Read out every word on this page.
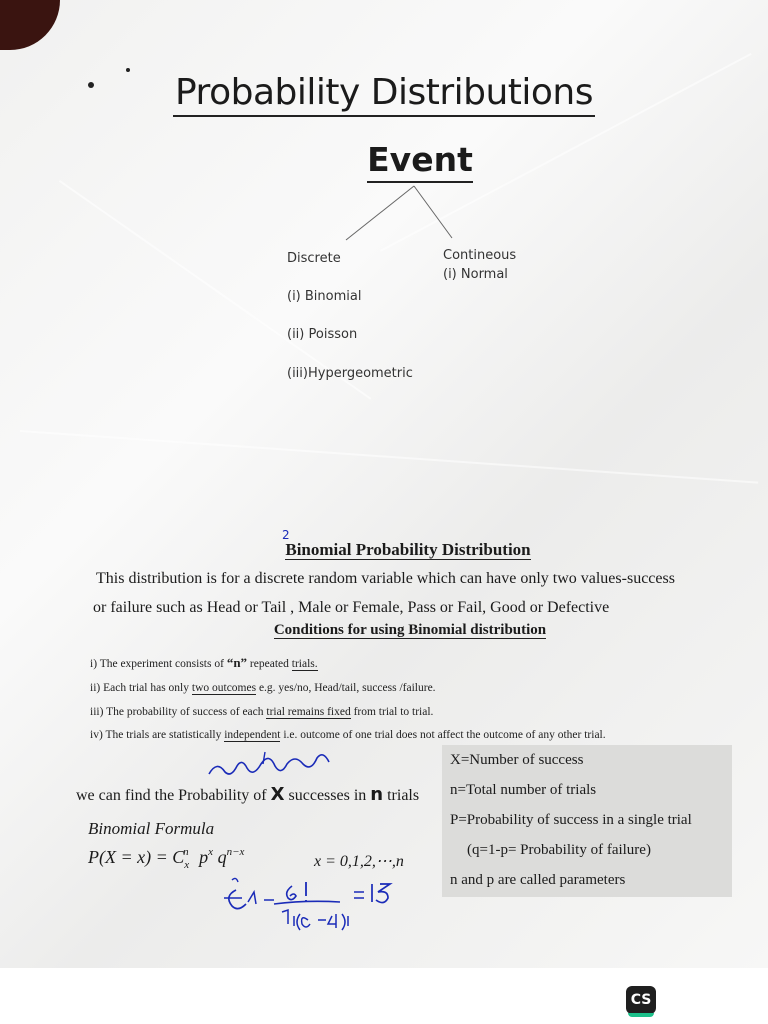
Probability Distributions
Event
Discrete	Contineous
(i) Normal
(i) Binomial
(ii) Poisson
(iii)Hypergeometric
2
Binomial Probability Distribution
This distribution is for a discrete random variable which can have only two values-success
or failure such as Head or Tail , Male or Female, Pass or Fail, Good or Defective
Conditions for using Binomial distribution
i) The experiment consists of “n” repeated trials.
ii) Each trial has only two outcomes e.g. yes/no, Head/tail, success /failure.
iii) The probability of success of each trial remains fixed from trial to trial.
iv) The trials are statistically independent i.e. outcome of one trial does not affect the outcome of any other trial.
X=Number of success
n=Total number of trials
P=Probability of success in a single trial
(q=1-p= Probability of failure)
n and p are called parameters
we can find the Probability of X successes in n trials
Binomial Formula
$P(X = x) = C_x^n$ $p^x$ $q^{n-x}$
x = 0,1,2,⋯,n
CS
